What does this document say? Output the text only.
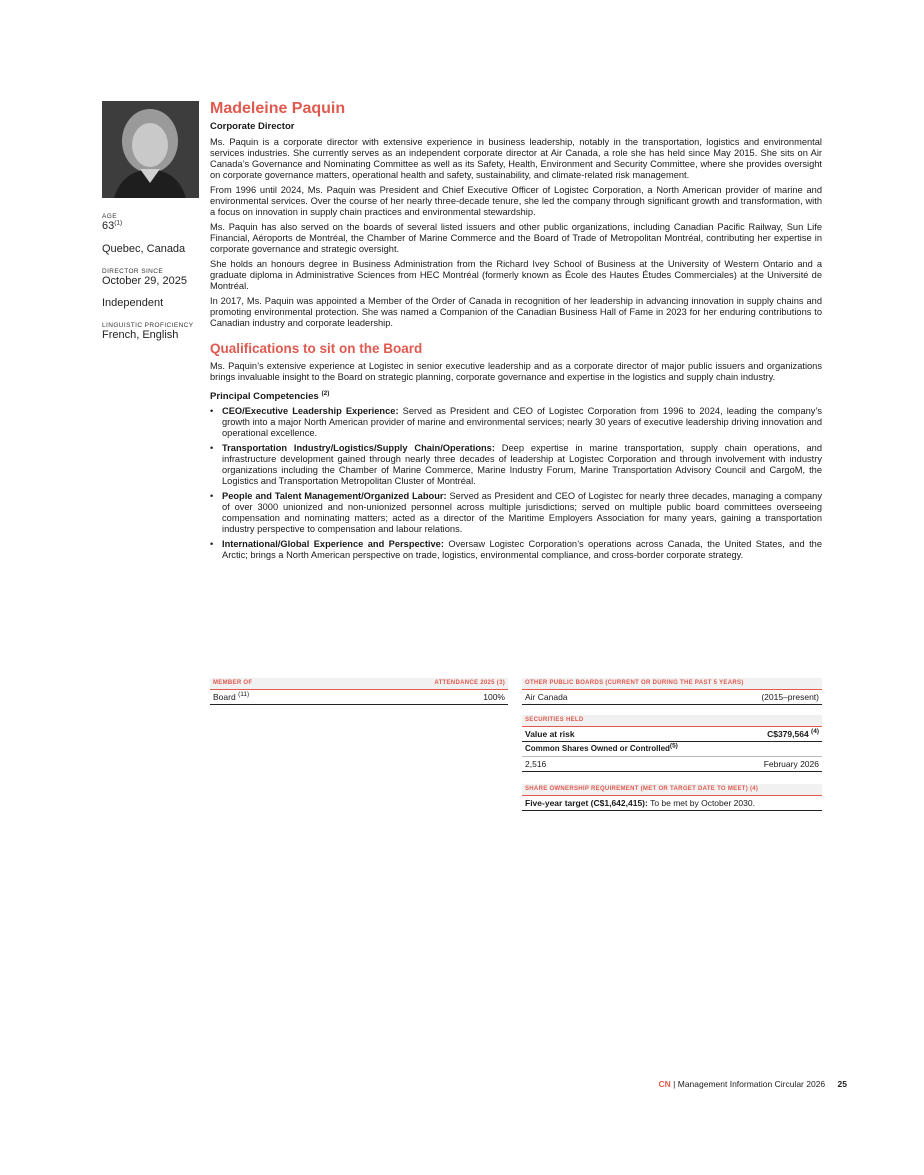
AGE
63$^{(1)}$
Quebec, Canada
DIRECTOR SINCE
October 29, 2025
Independent
LINGUISTIC PROFICIENCY
French, English
Madeleine Paquin
Corporate Director

Ms. Paquin is a corporate director with extensive experience in business leadership, notably in the transportation, logistics and environmental services industries. She currently serves as an independent corporate director at Air Canada, a role she has held since May 2015. She sits on Air Canada’s Governance and Nominating Committee as well as its Safety, Health, Environment and Security Committee, where she provides oversight on corporate governance matters, operational health and safety, sustainability, and climate-related risk management.

From 1996 until 2024, Ms. Paquin was President and Chief Executive Officer of Logistec Corporation, a North American provider of marine and environmental services. Over the course of her nearly three-decade tenure, she led the company through significant growth and transformation, with a focus on innovation in supply chain practices and environmental stewardship.

Ms. Paquin has also served on the boards of several listed issuers and other public organizations, including Canadian Pacific Railway, Sun Life Financial, Aéroports de Montréal, the Chamber of Marine Commerce and the Board of Trade of Metropolitan Montréal, contributing her expertise in corporate governance and strategic oversight.

She holds an honours degree in Business Administration from the Richard Ivey School of Business at the University of Western Ontario and a graduate diploma in Administrative Sciences from HEC Montréal (formerly known as École des Hautes Études Commerciales) at the Université de Montréal.

In 2017, Ms. Paquin was appointed a Member of the Order of Canada in recognition of her leadership in advancing innovation in supply chains and promoting environmental protection. She was named a Companion of the Canadian Business Hall of Fame in 2023 for her enduring contributions to Canadian industry and corporate leadership.

Qualifications to sit on the Board

Ms. Paquin’s extensive experience at Logistec in senior executive leadership and as a corporate director of major public issuers and organizations brings invaluable insight to the Board on strategic planning, corporate governance and expertise in the logistics and supply chain industry.

Principal Competencies $^{(2)}$
• CEO/Executive Leadership Experience: Served as President and CEO of Logistec Corporation from 1996 to 2024, leading the company’s growth into a major North American provider of marine and environmental services; nearly 30 years of executive leadership driving innovation and operational excellence.
• Transportation Industry/Logistics/Supply Chain/Operations: Deep expertise in marine transportation, supply chain operations, and infrastructure development gained through nearly three decades of leadership at Logistec Corporation and through involvement with industry organizations including the Chamber of Marine Commerce, Marine Industry Forum, Marine Transportation Advisory Council and CargoM, the Logistics and Transportation Metropolitan Cluster of Montréal.
• People and Talent Management/Organized Labour: Served as President and CEO of Logistec for nearly three decades, managing a company of over 3000 unionized and non-unionized personnel across multiple jurisdictions; served on multiple public board committees overseeing compensation and nominating matters; acted as a director of the Maritime Employers Association for many years, gaining a transportation industry perspective to compensation and labour relations.
• International/Global Experience and Perspective: Oversaw Logistec Corporation’s operations across Canada, the United States, and the Arctic; brings a North American perspective on trade, logistics, environmental compliance, and cross-border corporate strategy.
MEMBER OF	ATTENDANCE 2025 (3)
Board $^{(11)}$	100%
OTHER PUBLIC BOARDS (CURRENT OR DURING THE PAST 5 YEARS)
Air Canada	(2015–present)
SECURITIES HELD
Value at risk	C$379,564 $^{(4)}$
Common Shares Owned or Controlled$^{(5)}$
2,516	February 2026
SHARE OWNERSHIP REQUIREMENT (MET OR TARGET DATE TO MEET) (4)
Five-year target (C$1,642,415): To be met by October 2030.
CN | Management Information Circular 2026 25
